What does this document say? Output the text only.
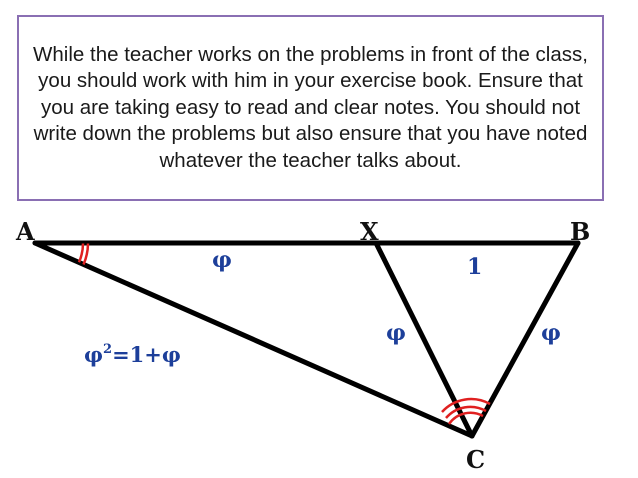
While the teacher works on the problems in front of the class, you should work with him in your exercise book. Ensure that you are taking easy to read and clear notes. You should not write down the problems but also ensure that you have noted whatever the teacher talks about.

A	X	B
C
φ	1
φ	φ
$\varphi^2=1+\varphi$
